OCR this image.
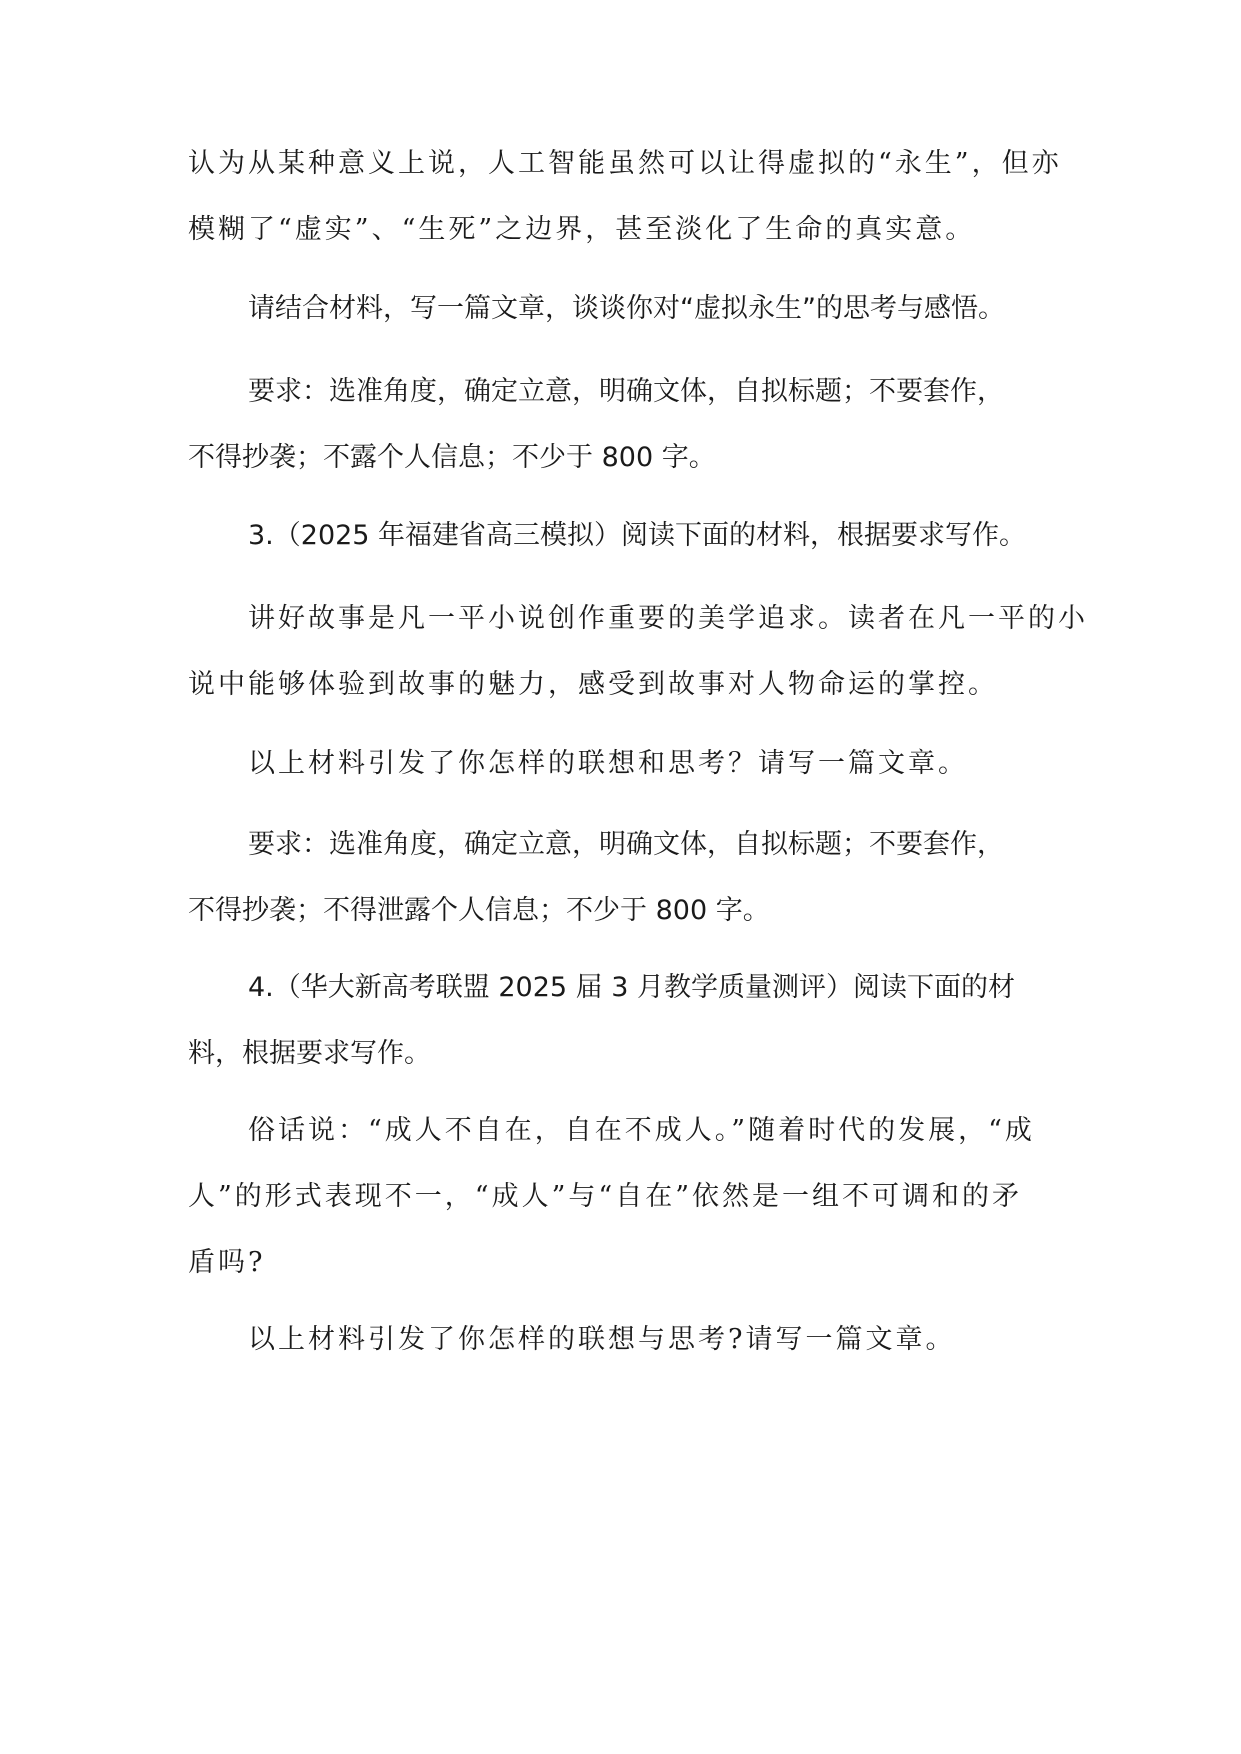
认为从某种意义上说，人工智能虽然可以让得虚拟的“永生”，但亦
模糊了“虚实”、“生死”之边界，甚至淡化了生命的真实意。

请结合材料，写一篇文章，谈谈你对“虚拟永生”的思考与感悟。

要求：选准角度，确定立意，明确文体，自拟标题；不要套作，
不得抄袭；不露个人信息；不少于 800 字。

3.（2025 年福建省高三模拟）阅读下面的材料，根据要求写作。

讲好故事是凡一平小说创作重要的美学追求。读者在凡一平的小
说中能够体验到故事的魅力，感受到故事对人物命运的掌控。

以上材料引发了你怎样的联想和思考？请写一篇文章。

要求：选准角度，确定立意，明确文体，自拟标题；不要套作，
不得抄袭；不得泄露个人信息；不少于 800 字。

4.（华大新高考联盟 2025 届 3 月教学质量测评）阅读下面的材
料，根据要求写作。

俗话说：“成人不自在，自在不成人。”随着时代的发展，“成
人”的形式表现不一，“成人”与“自在”依然是一组不可调和的矛
盾吗?

以上材料引发了你怎样的联想与思考?请写一篇文章。
